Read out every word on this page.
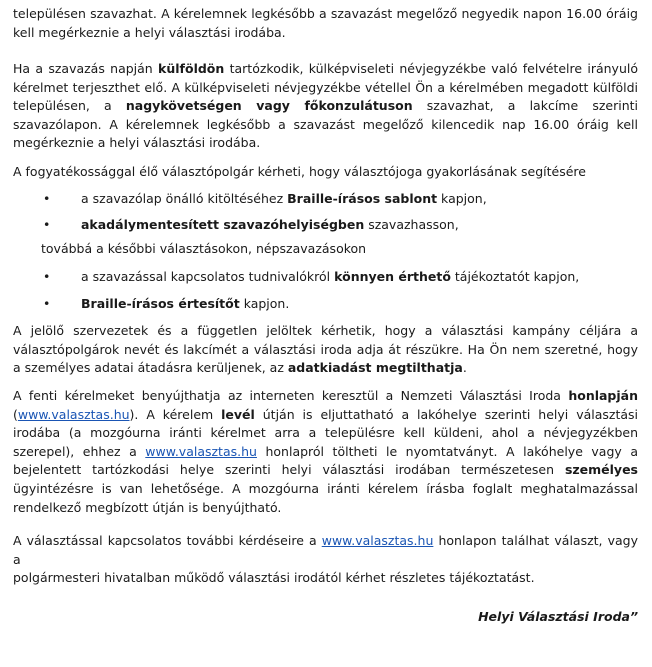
településen szavazhat. A kérelemnek legkésőbb a szavazást megelőző negyedik napon 16.00 óráig
kell megérkeznie a helyi választási irodába.
Ha a szavazás napján külföldön tartózkodik, külképviseleti névjegyzékbe való felvételre irányuló
kérelmet terjeszthet elő. A külképviseleti névjegyzékbe vétellel Ön a kérelmében megadott külföldi
településen, a nagykövetségen vagy főkonzulátuson szavazhat, a lakcíme szerinti
szavazólapon. A kérelemnek legkésőbb a szavazást megelőző kilencedik nap 16.00 óráig kell
megérkeznie a helyi választási irodába.
A fogyatékossággal élő választópolgár kérheti, hogy választójoga gyakorlásának segítésére
• a szavazólap önálló kitöltéséhez Braille-írásos sablont kapjon,
• akadálymentesített szavazóhelyiségben szavazhasson,
továbbá a későbbi választásokon, népszavazásokon
• a szavazással kapcsolatos tudnivalókról könnyen érthető tájékoztatót kapjon,
• Braille-írásos értesítőt kapjon.
A jelölő szervezetek és a független jelöltek kérhetik, hogy a választási kampány céljára a
választópolgárok nevét és lakcímét a választási iroda adja át részükre. Ha Ön nem szeretné, hogy
a személyes adatai átadásra kerüljenek, az adatkiadást megtilthatja.
A fenti kérelmeket benyújthatja az interneten keresztül a Nemzeti Választási Iroda honlapján
(www.valasztas.hu). A kérelem levél útján is eljuttatható a lakóhelye szerinti helyi választási
irodába (a mozgóurna iránti kérelmet arra a településre kell küldeni, ahol a névjegyzékben
szerepel), ehhez a www.valasztas.hu honlapról töltheti le nyomtatványt. A lakóhelye vagy a
bejelentett tartózkodási helye szerinti helyi választási irodában természetesen személyes
ügyintézésre is van lehetősége. A mozgóurna iránti kérelem írásba foglalt meghatalmazással
rendelkező megbízott útján is benyújtható.
A választással kapcsolatos további kérdéseire a www.valasztas.hu honlapon találhat választ, vagy a
polgármesteri hivatalban működő választási irodától kérhet részletes tájékoztatást.
Helyi Választási Iroda”
